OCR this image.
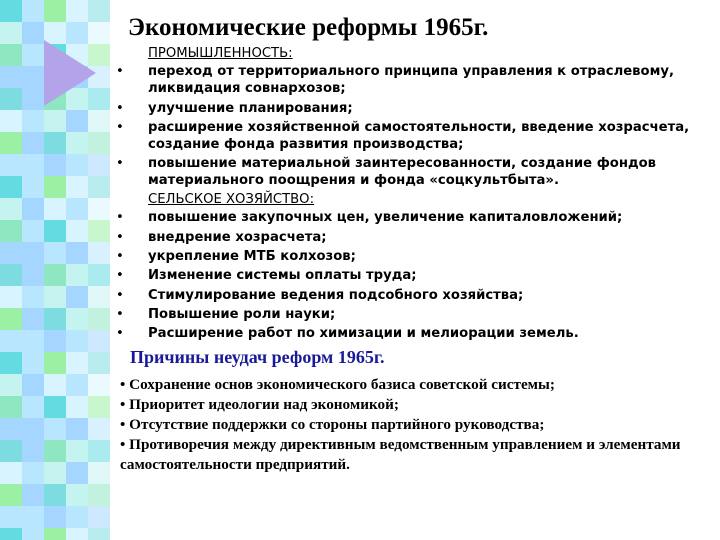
Экономические реформы 1965г.
ПРОМЫШЛЕННОСТЬ:
•	переход от территориального принципа управления к отраслевому, ликвидация совнархозов;
•	улучшение планирования;
•	расширение хозяйственной самостоятельности, введение хозрасчета, создание фонда развития производства;
•	повышение материальной заинтересованности, создание фондов материального поощрения и фонда «соцкультбыта».
СЕЛЬСКОЕ ХОЗЯЙСТВО:
•	повышение закупочных цен, увеличение капиталовложений;
•	внедрение хозрасчета;
•	укрепление МТБ колхозов;
•	Изменение системы оплаты труда;
•	Стимулирование ведения подсобного хозяйства;
•	Повышение роли науки;
•	Расширение работ по химизации и мелиорации земель.
Причины неудач реформ 1965г.
• Сохранение основ экономического базиса советской системы;
• Приоритет идеологии над экономикой;
• Отсутствие поддержки со стороны партийного руководства;
• Противоречия между директивным ведомственным управлением и элементами самостоятельности предприятий.
